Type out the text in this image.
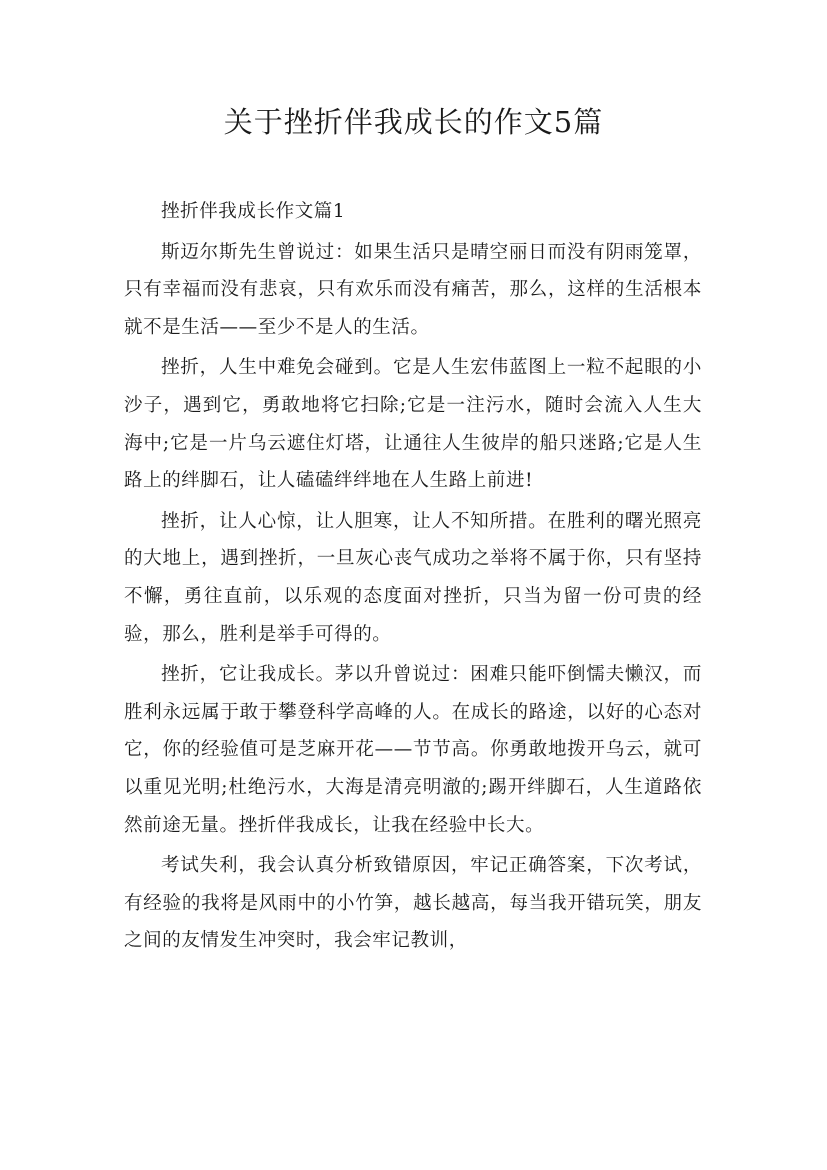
关于挫折伴我成长的作文5篇

挫折伴我成长作文篇1

斯迈尔斯先生曾说过：如果生活只是晴空丽日而没有阴雨笼罩，只有幸福而没有悲哀，只有欢乐而没有痛苦，那么，这样的生活根本就不是生活——至少不是人的生活。

挫折，人生中难免会碰到。它是人生宏伟蓝图上一粒不起眼的小沙子，遇到它，勇敢地将它扫除;它是一注污水，随时会流入人生大海中;它是一片乌云遮住灯塔，让通往人生彼岸的船只迷路;它是人生路上的绊脚石，让人磕磕绊绊地在人生路上前进!

挫折，让人心惊，让人胆寒，让人不知所措。在胜利的曙光照亮的大地上，遇到挫折，一旦灰心丧气成功之举将不属于你，只有坚持不懈，勇往直前，以乐观的态度面对挫折，只当为留一份可贵的经验，那么，胜利是举手可得的。

挫折，它让我成长。茅以升曾说过：困难只能吓倒懦夫懒汉，而胜利永远属于敢于攀登科学高峰的人。在成长的路途，以好的心态对它，你的经验值可是芝麻开花——节节高。你勇敢地拨开乌云，就可以重见光明;杜绝污水，大海是清亮明澈的;踢开绊脚石，人生道路依然前途无量。挫折伴我成长，让我在经验中长大。

考试失利，我会认真分析致错原因，牢记正确答案，下次考试，有经验的我将是风雨中的小竹笋，越长越高，每当我开错玩笑，朋友之间的友情发生冲突时，我会牢记教训，
